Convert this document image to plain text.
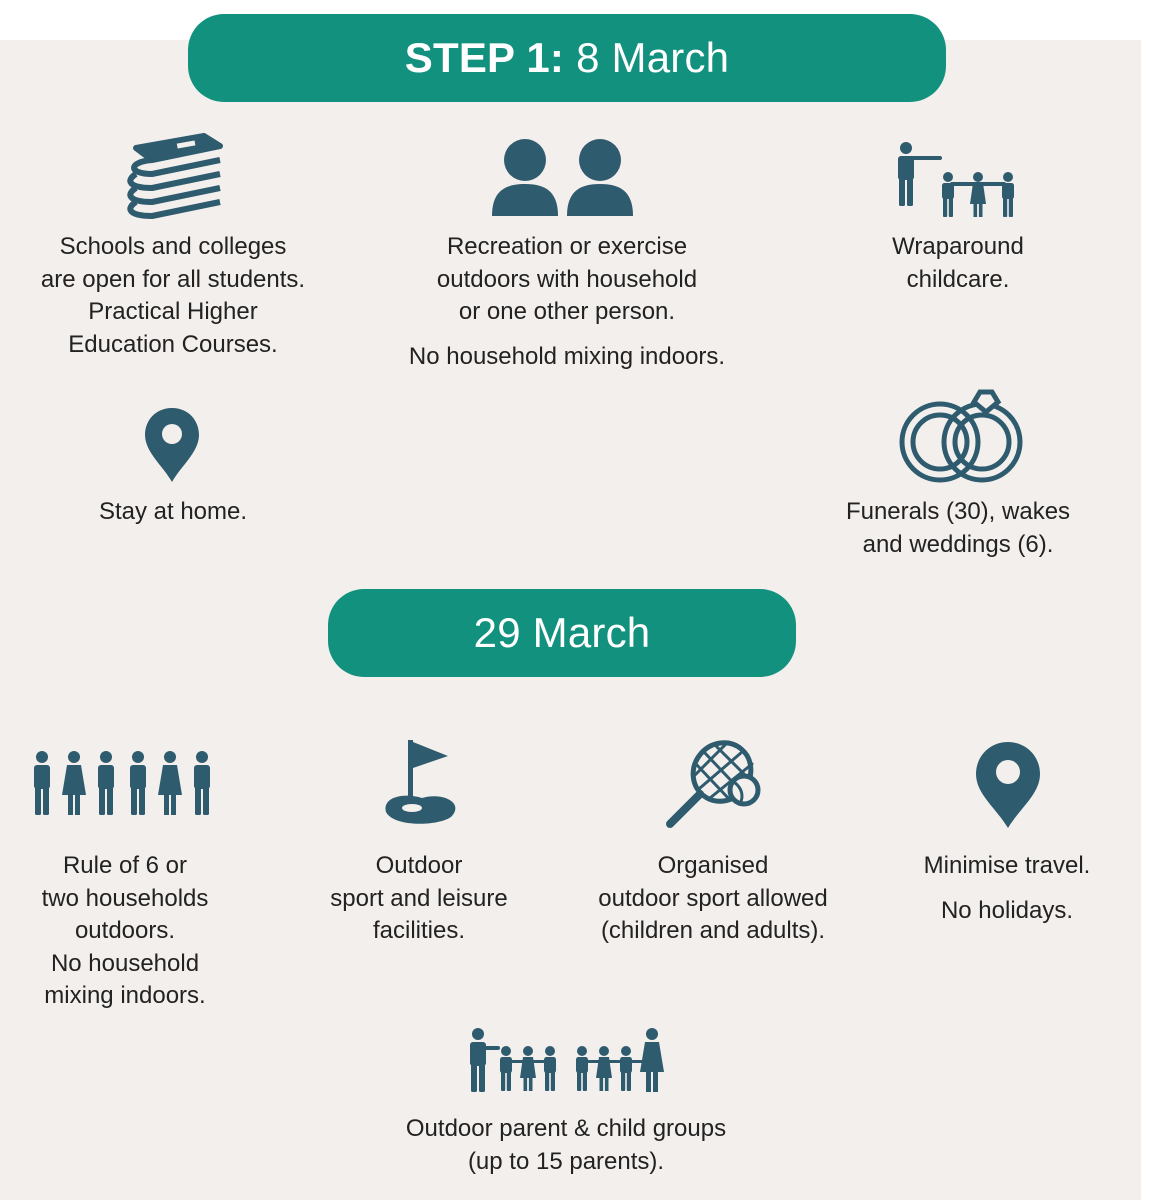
STEP 1: 8 March

Schools and colleges

are open for all students.

Practical Higher

Education Courses.

Recreation or exercise

outdoors with household

or one other person.

No household mixing indoors.

Wraparound

childcare.

Stay at home.	Funerals (30), wakes

and weddings (6).

29 March

Rule of 6 or

two households

outdoors.

No household

mixing indoors.

Outdoor

sport and leisure

facilities.

Organised

outdoor sport allowed

(children and adults).

Minimise travel.

No holidays.

Outdoor parent & child groups

(up to 15 parents).
